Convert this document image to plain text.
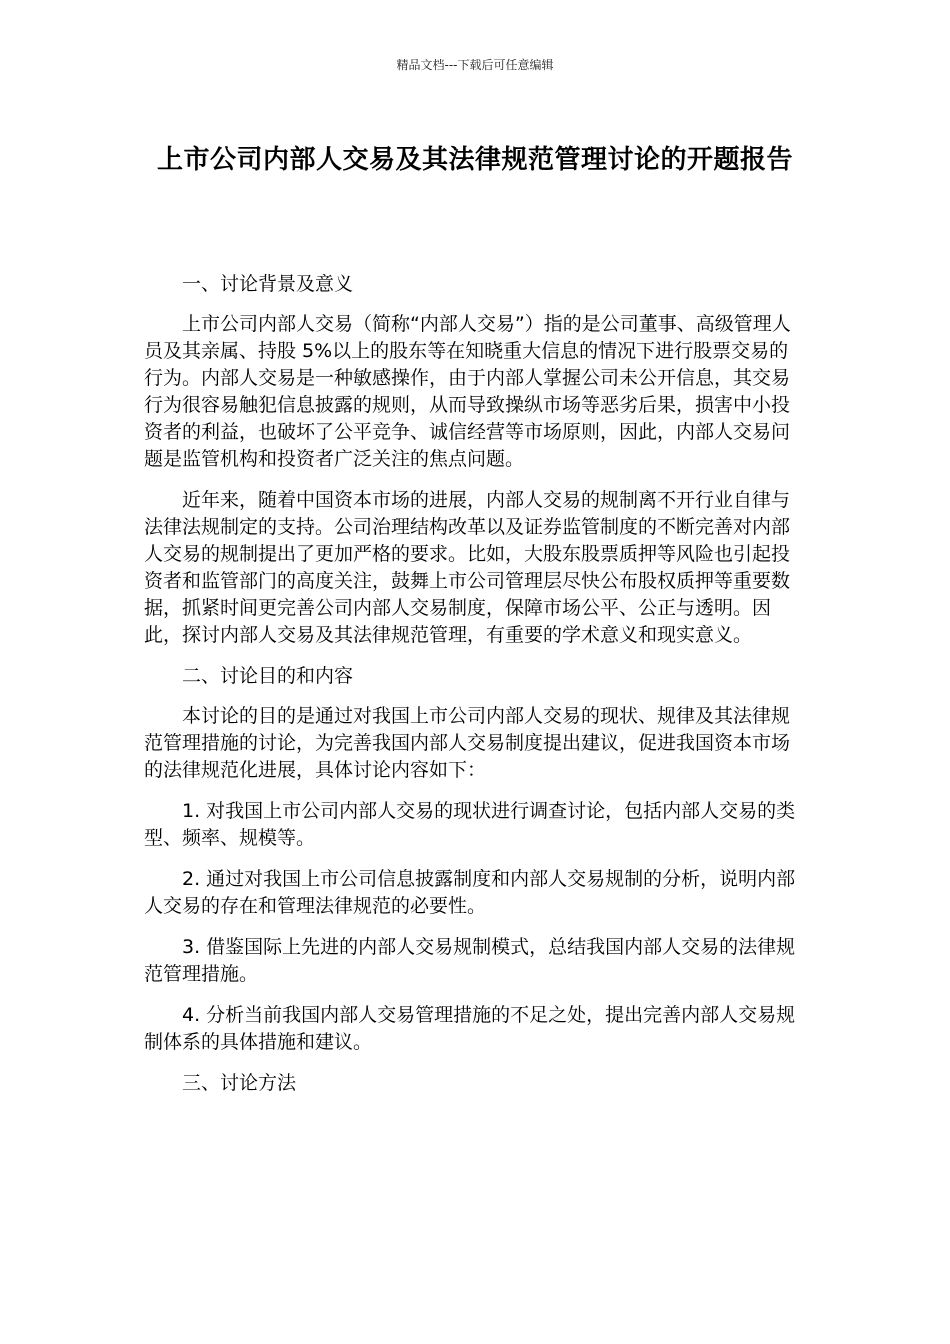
精品文档---下载后可任意编辑
上市公司内部人交易及其法律规范管理讨论的开题报告

一、讨论背景及意义

上市公司内部人交易（简称“内部人交易”）指的是公司董事、高级管理人员及其亲属、持股 5%以上的股东等在知晓重大信息的情况下进行股票交易的行为。内部人交易是一种敏感操作，由于内部人掌握公司未公开信息，其交易行为很容易触犯信息披露的规则，从而导致操纵市场等恶劣后果，损害中小投资者的利益，也破坏了公平竞争、诚信经营等市场原则，因此，内部人交易问题是监管机构和投资者广泛关注的焦点问题。

近年来，随着中国资本市场的进展，内部人交易的规制离不开行业自律与法律法规制定的支持。公司治理结构改革以及证券监管制度的不断完善对内部人交易的规制提出了更加严格的要求。比如，大股东股票质押等风险也引起投资者和监管部门的高度关注，鼓舞上市公司管理层尽快公布股权质押等重要数据，抓紧时间更完善公司内部人交易制度，保障市场公平、公正与透明。因此，探讨内部人交易及其法律规范管理，有重要的学术意义和现实意义。

二、讨论目的和内容

本讨论的目的是通过对我国上市公司内部人交易的现状、规律及其法律规范管理措施的讨论，为完善我国内部人交易制度提出建议，促进我国资本市场的法律规范化进展，具体讨论内容如下：

1. 对我国上市公司内部人交易的现状进行调查讨论，包括内部人交易的类型、频率、规模等。

2. 通过对我国上市公司信息披露制度和内部人交易规制的分析，说明内部人交易的存在和管理法律规范的必要性。

3. 借鉴国际上先进的内部人交易规制模式，总结我国内部人交易的法律规范管理措施。

4. 分析当前我国内部人交易管理措施的不足之处，提出完善内部人交易规制体系的具体措施和建议。

三、讨论方法
